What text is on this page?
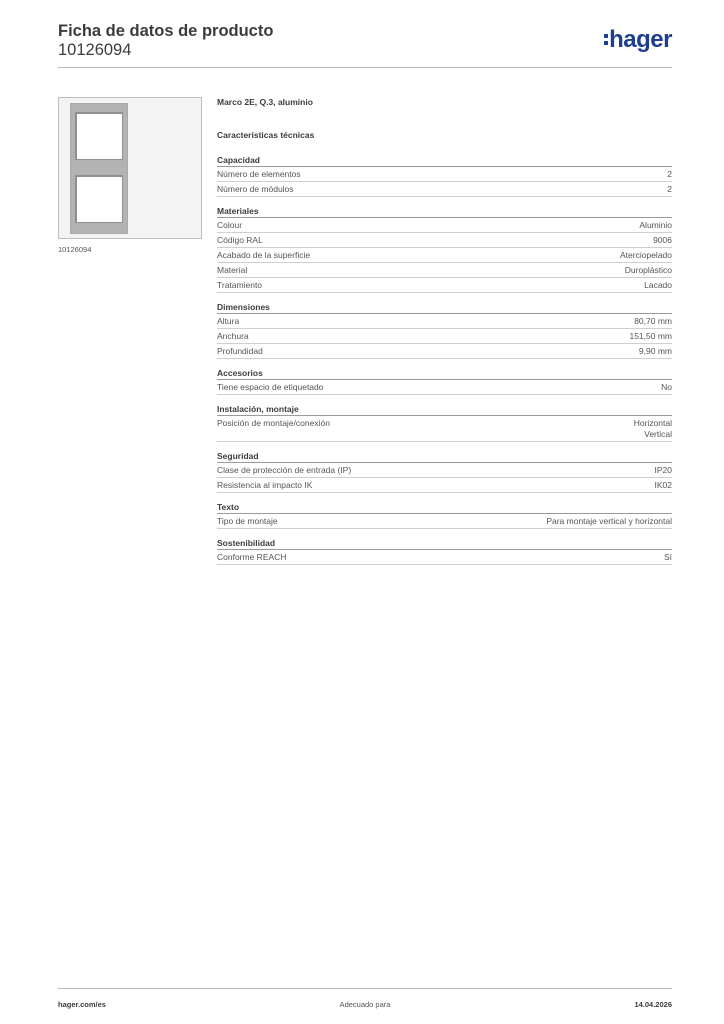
Ficha de datos de producto
10126094	hager
10126094
Marco 2E, Q.3, aluminio
Características técnicas
Capacidad
Número de elementos	2
Número de módulos	2
Materiales
Colour	Aluminio
Código RAL	9006
Acabado de la superficie	Aterciopelado
Material	Duroplástico
Tratamiento	Lacado
Dimensiones
Altura	80,70 mm
Anchura	151,50 mm
Profundidad	9,90 mm
Accesorios
Tiene espacio de etiquetado	No
Instalación, montaje
Posición de montaje/conexión	Horizontal
Vertical
Seguridad
Clase de protección de entrada (IP)	IP20
Resistencia al impacto IK	IK02
Texto
Tipo de montaje	Para montaje vertical y horizontal
Sostenibilidad
Conforme REACH	Sí
hager.com/es	Adecuado para	14.04.2026
